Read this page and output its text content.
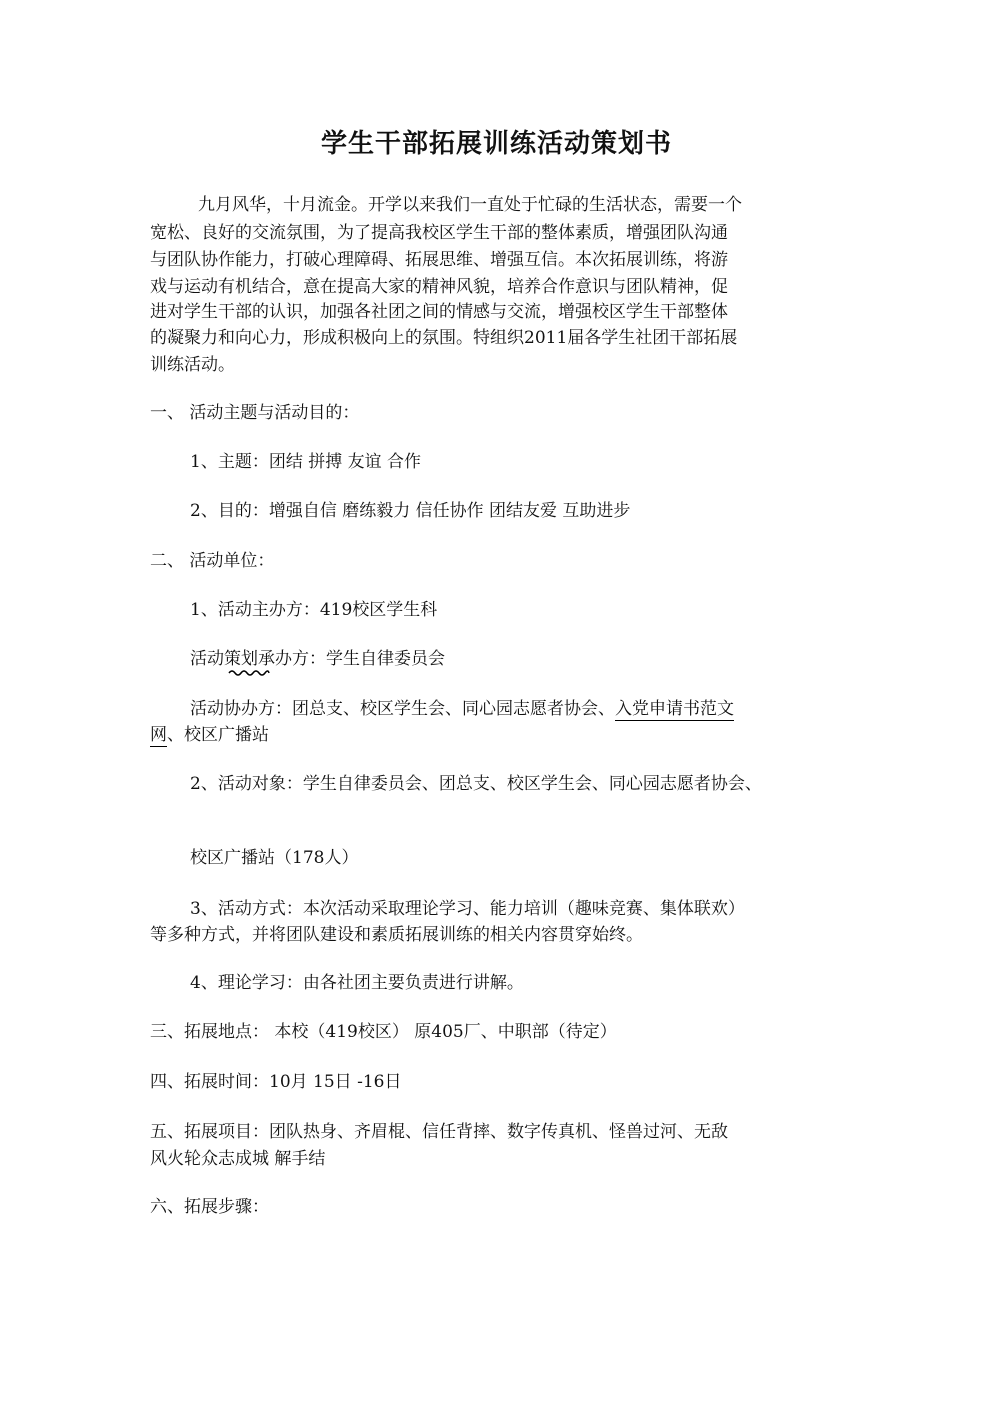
学生干部拓展训练活动策划书

九月风华，十月流金。开学以来我们一直处于忙碌的生活状态，需要一个

宽松、良好的交流氛围，为了提高我校区学生干部的整体素质，增强团队沟通

与团队协作能力，打破心理障碍、拓展思维、增强互信。本次拓展训练，将游

戏与运动有机结合，意在提高大家的精神风貌，培养合作意识与团队精神，促

进对学生干部的认识，加强各社团之间的情感与交流，增强校区学生干部整体

的凝聚力和向心力，形成积极向上的氛围。特组织2011届各学生社团干部拓展

训练活动。

一、 活动主题与活动目的：

1、主题：团结 拼搏 友谊 合作

2、目的：增强自信 磨练毅力 信任协作 团结友爱 互助进步

二、 活动单位：

1、活动主办方：419校区学生科

活动策划承办方：学生自律委员会

活动协办方：团总支、校区学生会、同心园志愿者协会、入党申请书范文

网、校区广播站

2、活动对象：学生自律委员会、团总支、校区学生会、同心园志愿者协会、

校区广播站（178人）

3、活动方式：本次活动采取理论学习、能力培训（趣味竞赛、集体联欢）

等多种方式，并将团队建设和素质拓展训练的相关内容贯穿始终。

4、理论学习：由各社团主要负责进行讲解。

三、拓展地点： 本校（419校区） 原405厂、中职部（待定）

四、拓展时间：10月 15日 -16日

五、拓展项目：团队热身、齐眉棍、信任背摔、数字传真机、怪兽过河、无敌

风火轮众志成城 解手结

六、拓展步骤：
